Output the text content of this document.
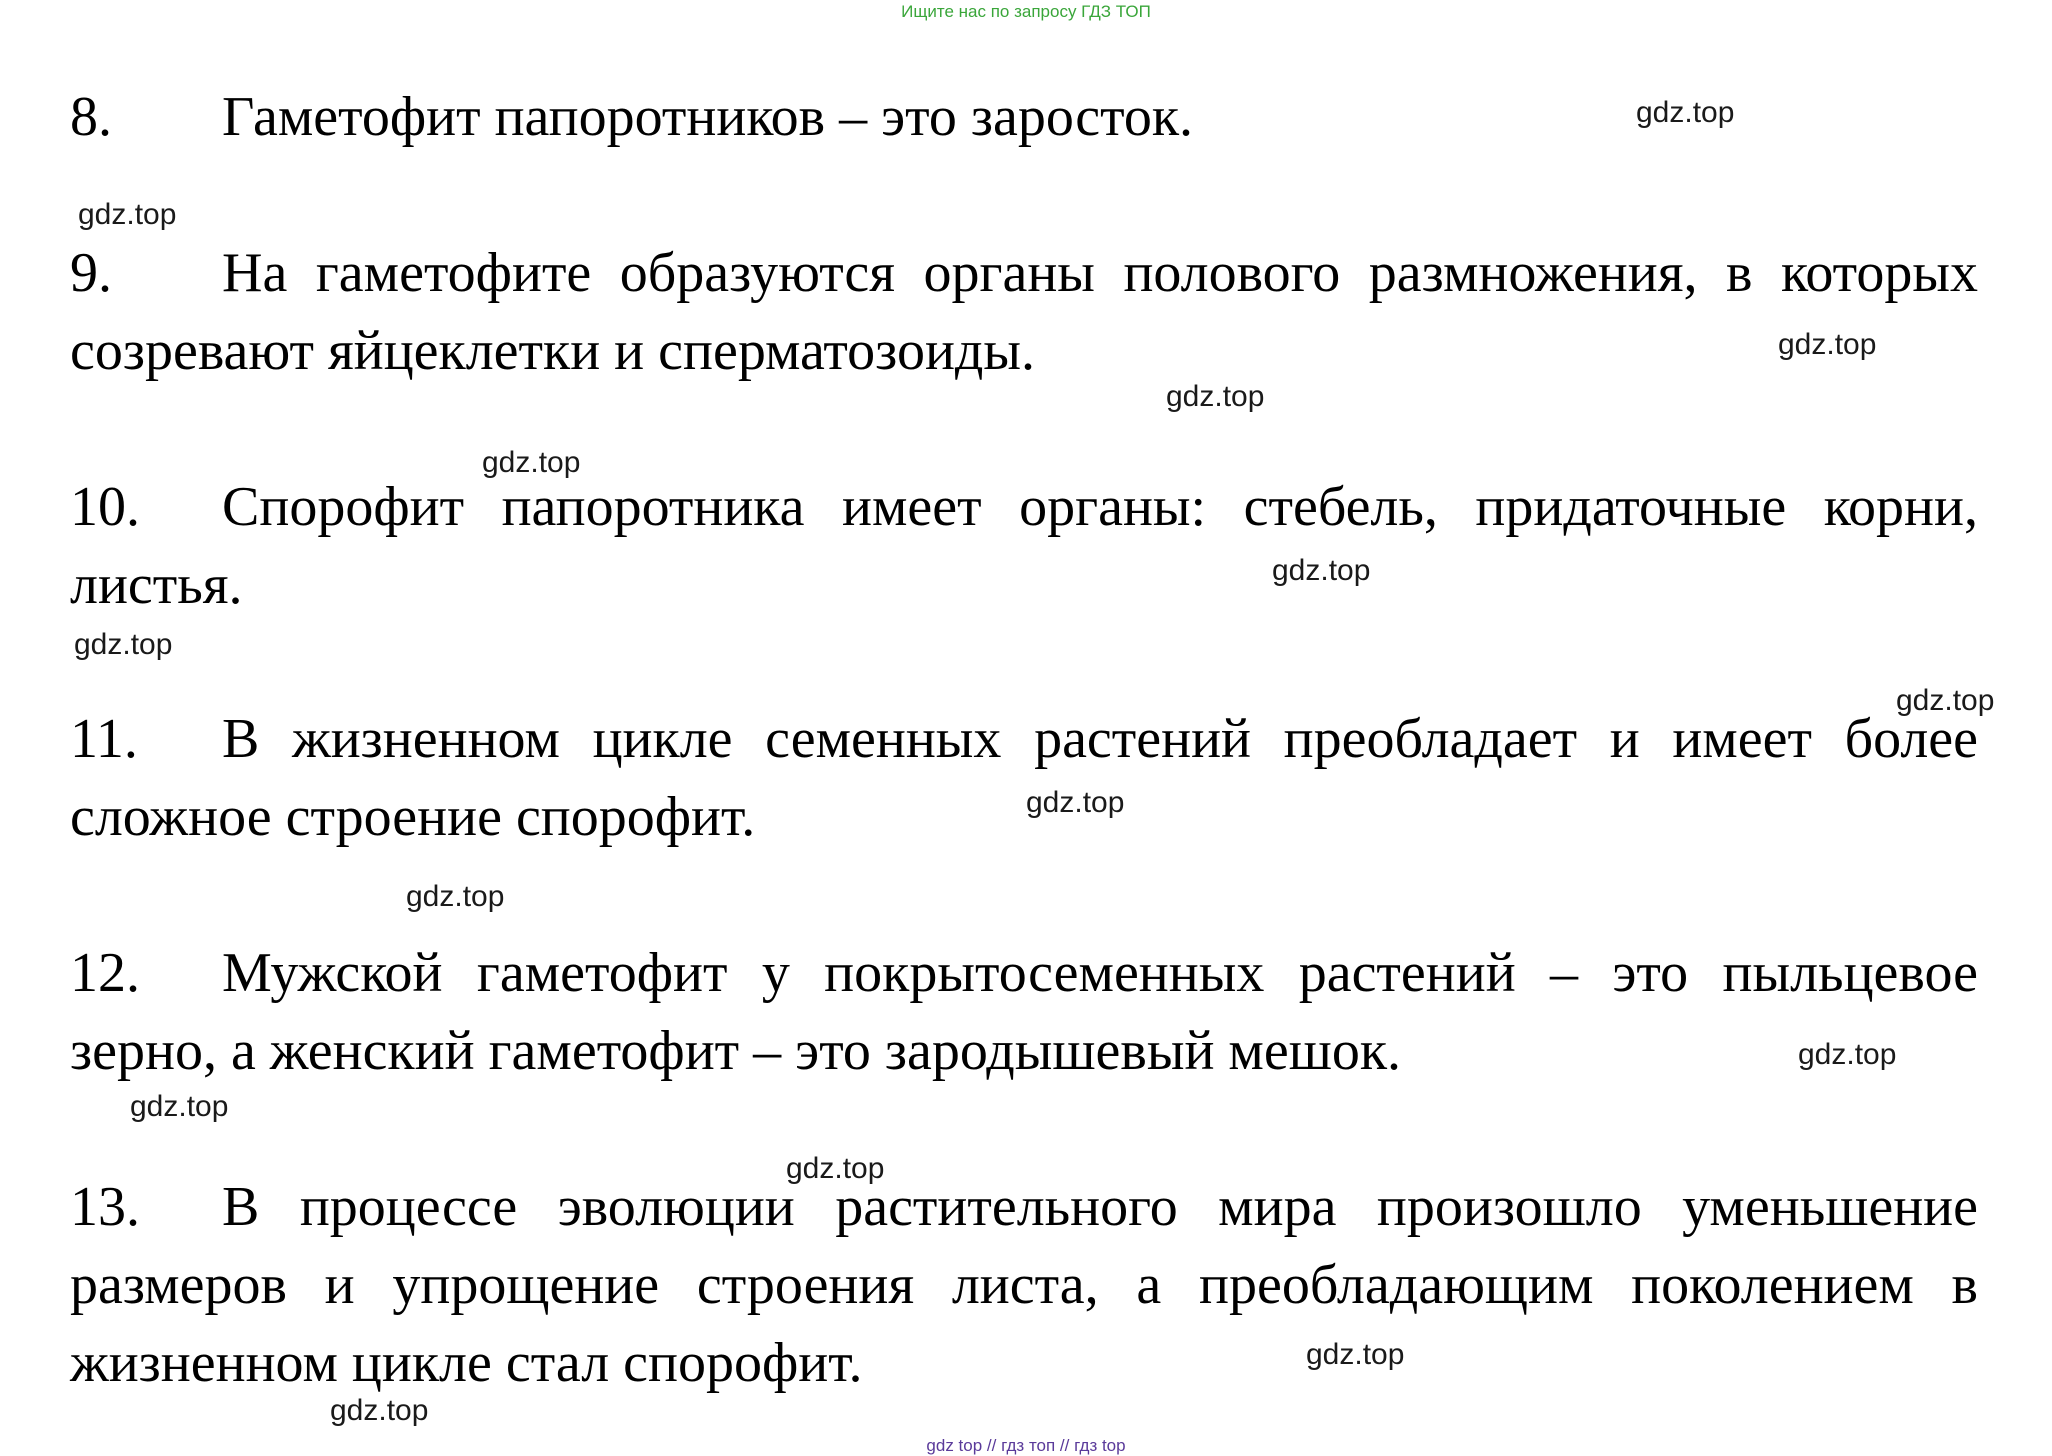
Ищите нас по запросу ГДЗ ТОП

8. Гаметофит папоротников – это заросток.

9. На гаметофите образуются органы полового размножения, в которых созревают яйцеклетки и сперматозоиды.

10. Спорофит папоротника имеет органы: стебель, придаточные корни, листья.

11. В жизненном цикле семенных растений преобладает и имеет более сложное строение спорофит.

12. Мужской гаметофит у покрытосеменных растений – это пыльцевое зерно, а женский гаметофит – это зародышевый мешок.

13. В процессе эволюции растительного мира произошло уменьшение размеров и упрощение строения листа, а преобладающим поколением в жизненном цикле стал спорофит.

gdz.top
gdz.top
gdz.top
gdz.top
gdz.top
gdz.top
gdz.top
gdz.top
gdz.top
gdz.top
gdz.top
gdz.top
gdz.top
gdz.top
gdz.top
gdz top // гдз топ // гдз top
